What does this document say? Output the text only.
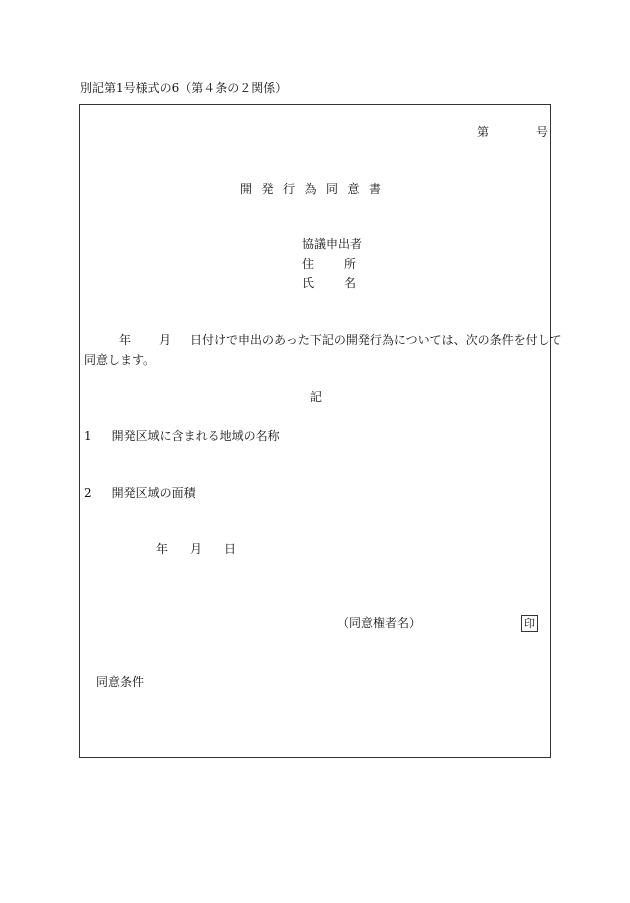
別記第1号様式の6（第４条の２関係）
第	号
開発行為同意書
協議申出者
住所
氏名
年 月 日付けで申出のあった下記の開発行為については、次の条件を付して
同意します。
記
1 開発区域に含まれる地域の名称
2 開発区域の面積
年 月 日
（同意権者名）	印
同意条件
